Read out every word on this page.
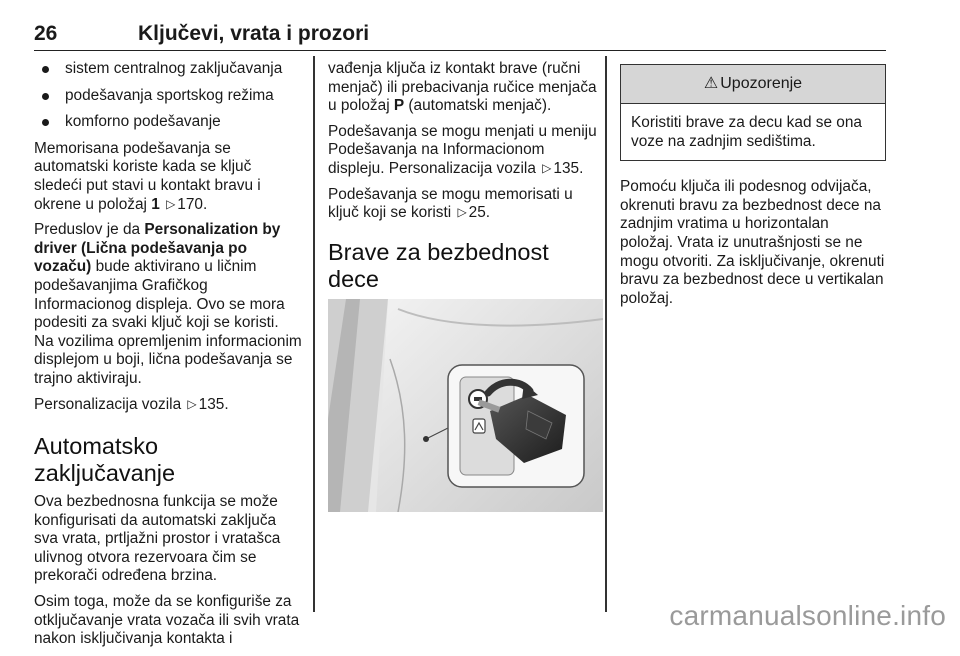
26	Ključevi, vrata i prozori
sistem centralnog zaključavanja
podešavanja sportskog režima
komforno podešavanje

Memorisana podešavanja se automatski koriste kada se ključ sledeći put stavi u kontakt bravu i okrene u položaj 1 ▷ 170.

Preduslov je da Personalization by driver (Lična podešavanja po vozaču) bude aktivirano u ličnim podešavanjima Grafičkog Informacionog displeja. Ovo se mora podesiti za svaki ključ koji se koristi. Na vozilima opremljenim informacionim displejom u boji, lična podešavanja se trajno aktiviraju.

Personalizacija vozila ▷ 135.

Automatsko zaključavanje

Ova bezbednosna funkcija se može konfigurisati da automatski zaključa sva vrata, prtljažni prostor i vratašca ulivnog otvora rezervoara čim se prekorači određena brzina.

Osim toga, može da se konfiguriše za otključavanje vrata vozača ili svih vrata nakon isključivanja kontakta i

vađenja ključa iz kontakt brave (ručni menjač) ili prebacivanja ručice menjača u položaj P (automatski menjač).

Podešavanja se mogu menjati u meniju Podešavanja na Informacionom displeju. Personalizacija vozila ▷ 135.

Podešavanja se mogu memorisati u ključ koji se koristi ▷ 25.

Brave za bezbednost dece
⚠ Upozorenje
Koristiti brave za decu kad se ona voze na zadnjim sedištima.

Pomoću ključa ili podesnog odvijača, okrenuti bravu za bezbednost dece na zadnjim vratima u horizontalan položaj. Vrata iz unutrašnjosti se ne mogu otvoriti. Za isključivanje, okrenuti bravu za bezbednost dece u vertikalan položaj.

carmanualsonline.info
